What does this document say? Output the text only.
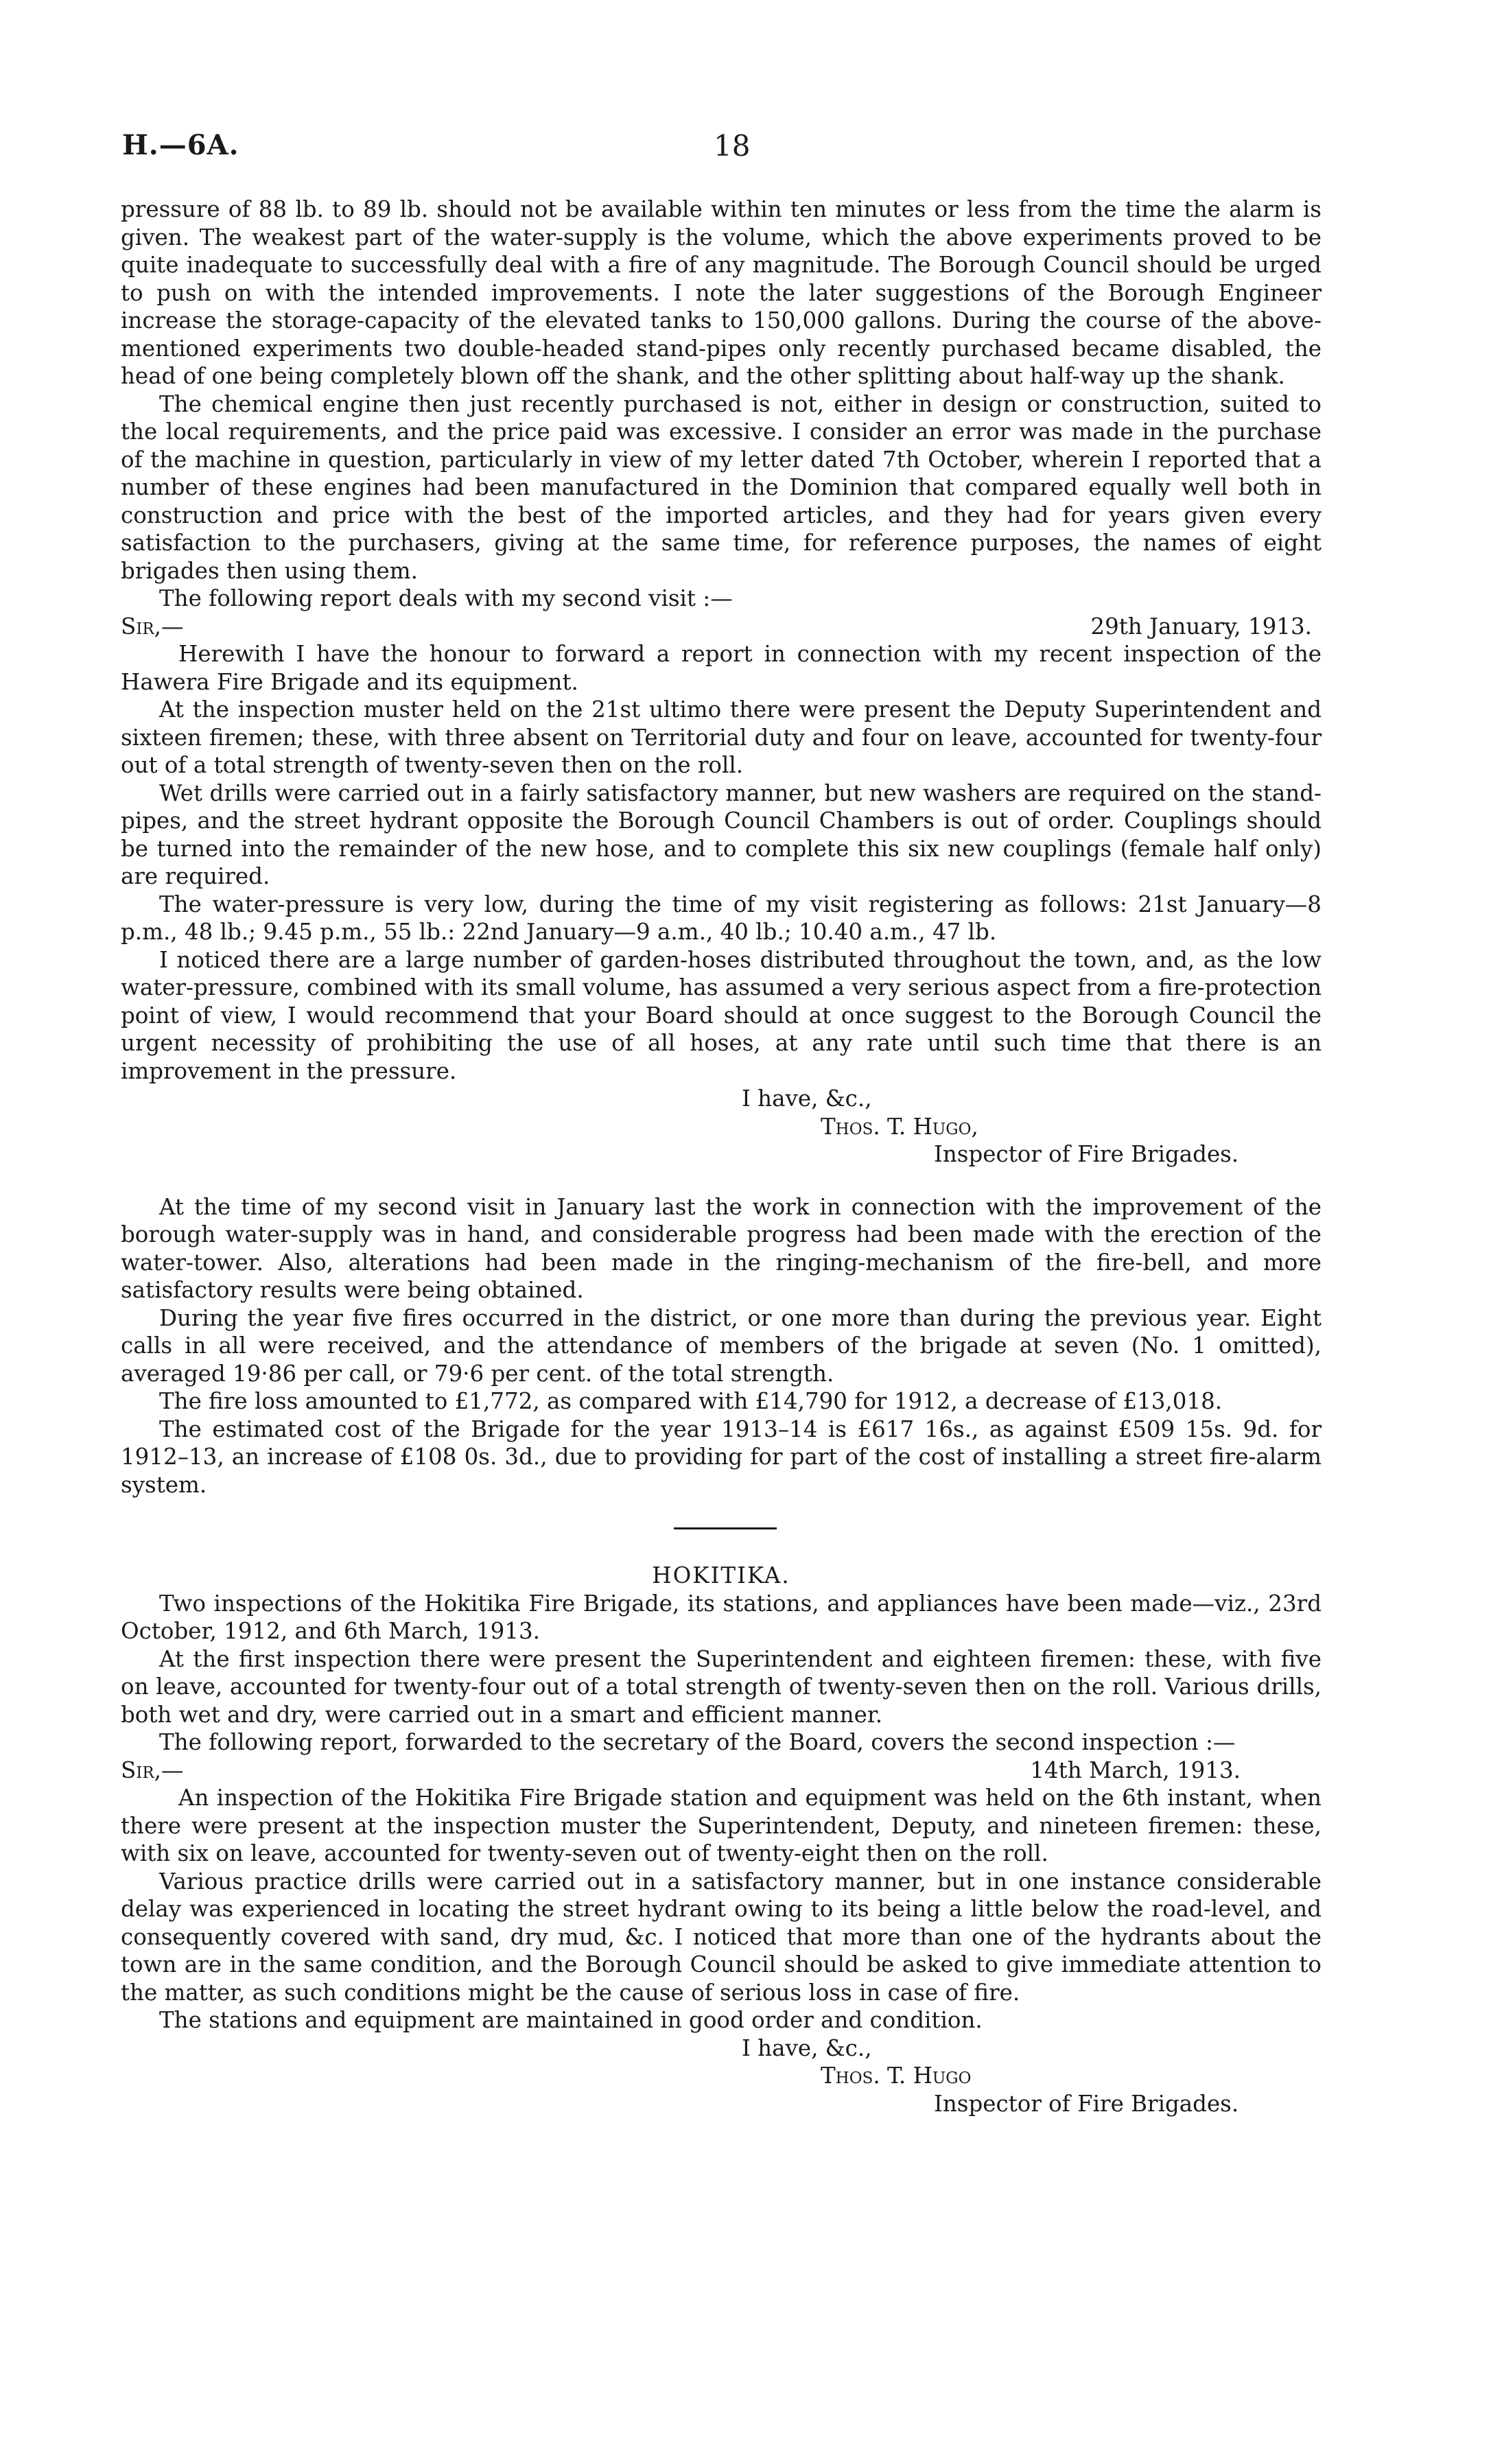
H.—6A.	18

pressure of 88 lb. to 89 lb. should not be available within ten minutes or less from the time the alarm is given. The weakest part of the water-supply is the volume, which the above experiments proved to be quite inadequate to successfully deal with a fire of any magnitude. The Borough Council should be urged to push on with the intended improvements. I note the later suggestions of the Borough Engineer increase the storage-capacity of the elevated tanks to 150,000 gallons. During the course of the above-mentioned experiments two double-headed stand-pipes only recently purchased became disabled, the head of one being completely blown off the shank, and the other splitting about half-way up the shank.

The chemical engine then just recently purchased is not, either in design or construction, suited to the local requirements, and the price paid was excessive. I consider an error was made in the purchase of the machine in question, particularly in view of my letter dated 7th October, wherein I reported that a number of these engines had been manufactured in the Dominion that compared equally well both in construction and price with the best of the imported articles, and they had for years given every satisfaction to the purchasers, giving at the same time, for reference purposes, the names of eight brigades then using them.

The following report deals with my second visit :—

Sir,—	29th January, 1913.

Herewith I have the honour to forward a report in connection with my recent inspection of the Hawera Fire Brigade and its equipment.

At the inspection muster held on the 21st ultimo there were present the Deputy Superintendent and sixteen firemen; these, with three absent on Territorial duty and four on leave, accounted for twenty-four out of a total strength of twenty-seven then on the roll.

Wet drills were carried out in a fairly satisfactory manner, but new washers are required on the stand-pipes, and the street hydrant opposite the Borough Council Chambers is out of order. Couplings should be turned into the remainder of the new hose, and to complete this six new couplings (female half only) are required.

The water-pressure is very low, during the time of my visit registering as follows: 21st January—8 p.m., 48 lb.; 9.45 p.m., 55 lb.: 22nd January—9 a.m., 40 lb.; 10.40 a.m., 47 lb.

I noticed there are a large number of garden-hoses distributed throughout the town, and, as the low water-pressure, combined with its small volume, has assumed a very serious aspect from a fire-protection point of view, I would recommend that your Board should at once suggest to the Borough Council the urgent necessity of prohibiting the use of all hoses, at any rate until such time that there is an improvement in the pressure.

I have, &c.,
Thos. T. Hugo,
Inspector of Fire Brigades.

At the time of my second visit in January last the work in connection with the improvement of the borough water-supply was in hand, and considerable progress had been made with the erection of the water-tower. Also, alterations had been made in the ringing-mechanism of the fire-bell, and more satisfactory results were being obtained.

During the year five fires occurred in the district, or one more than during the previous year. Eight calls in all were received, and the attendance of members of the brigade at seven (No. 1 omitted), averaged 19·86 per call, or 79·6 per cent. of the total strength.

The fire loss amounted to £1,772, as compared with £14,790 for 1912, a decrease of £13,018.

The estimated cost of the Brigade for the year 1913–14 is £617 16s., as against £509 15s. 9d. for 1912–13, an increase of £108 0s. 3d., due to providing for part of the cost of installing a street fire-alarm system.

HOKITIKA.

Two inspections of the Hokitika Fire Brigade, its stations, and appliances have been made—viz., 23rd October, 1912, and 6th March, 1913.

At the first inspection there were present the Superintendent and eighteen firemen: these, with five on leave, accounted for twenty-four out of a total strength of twenty-seven then on the roll. Various drills, both wet and dry, were carried out in a smart and efficient manner.

The following report, forwarded to the secretary of the Board, covers the second inspection :—

Sir,—	14th March, 1913.

An inspection of the Hokitika Fire Brigade station and equipment was held on the 6th instant, when there were present at the inspection muster the Superintendent, Deputy, and nineteen firemen: these, with six on leave, accounted for twenty-seven out of twenty-eight then on the roll.

Various practice drills were carried out in a satisfactory manner, but in one instance considerable delay was experienced in locating the street hydrant owing to its being a little below the road-level, and consequently covered with sand, dry mud, &c. I noticed that more than one of the hydrants about the town are in the same condition, and the Borough Council should be asked to give immediate attention to the matter, as such conditions might be the cause of serious loss in case of fire.

The stations and equipment are maintained in good order and condition.

I have, &c.,
Thos. T. Hugo
Inspector of Fire Brigades.
